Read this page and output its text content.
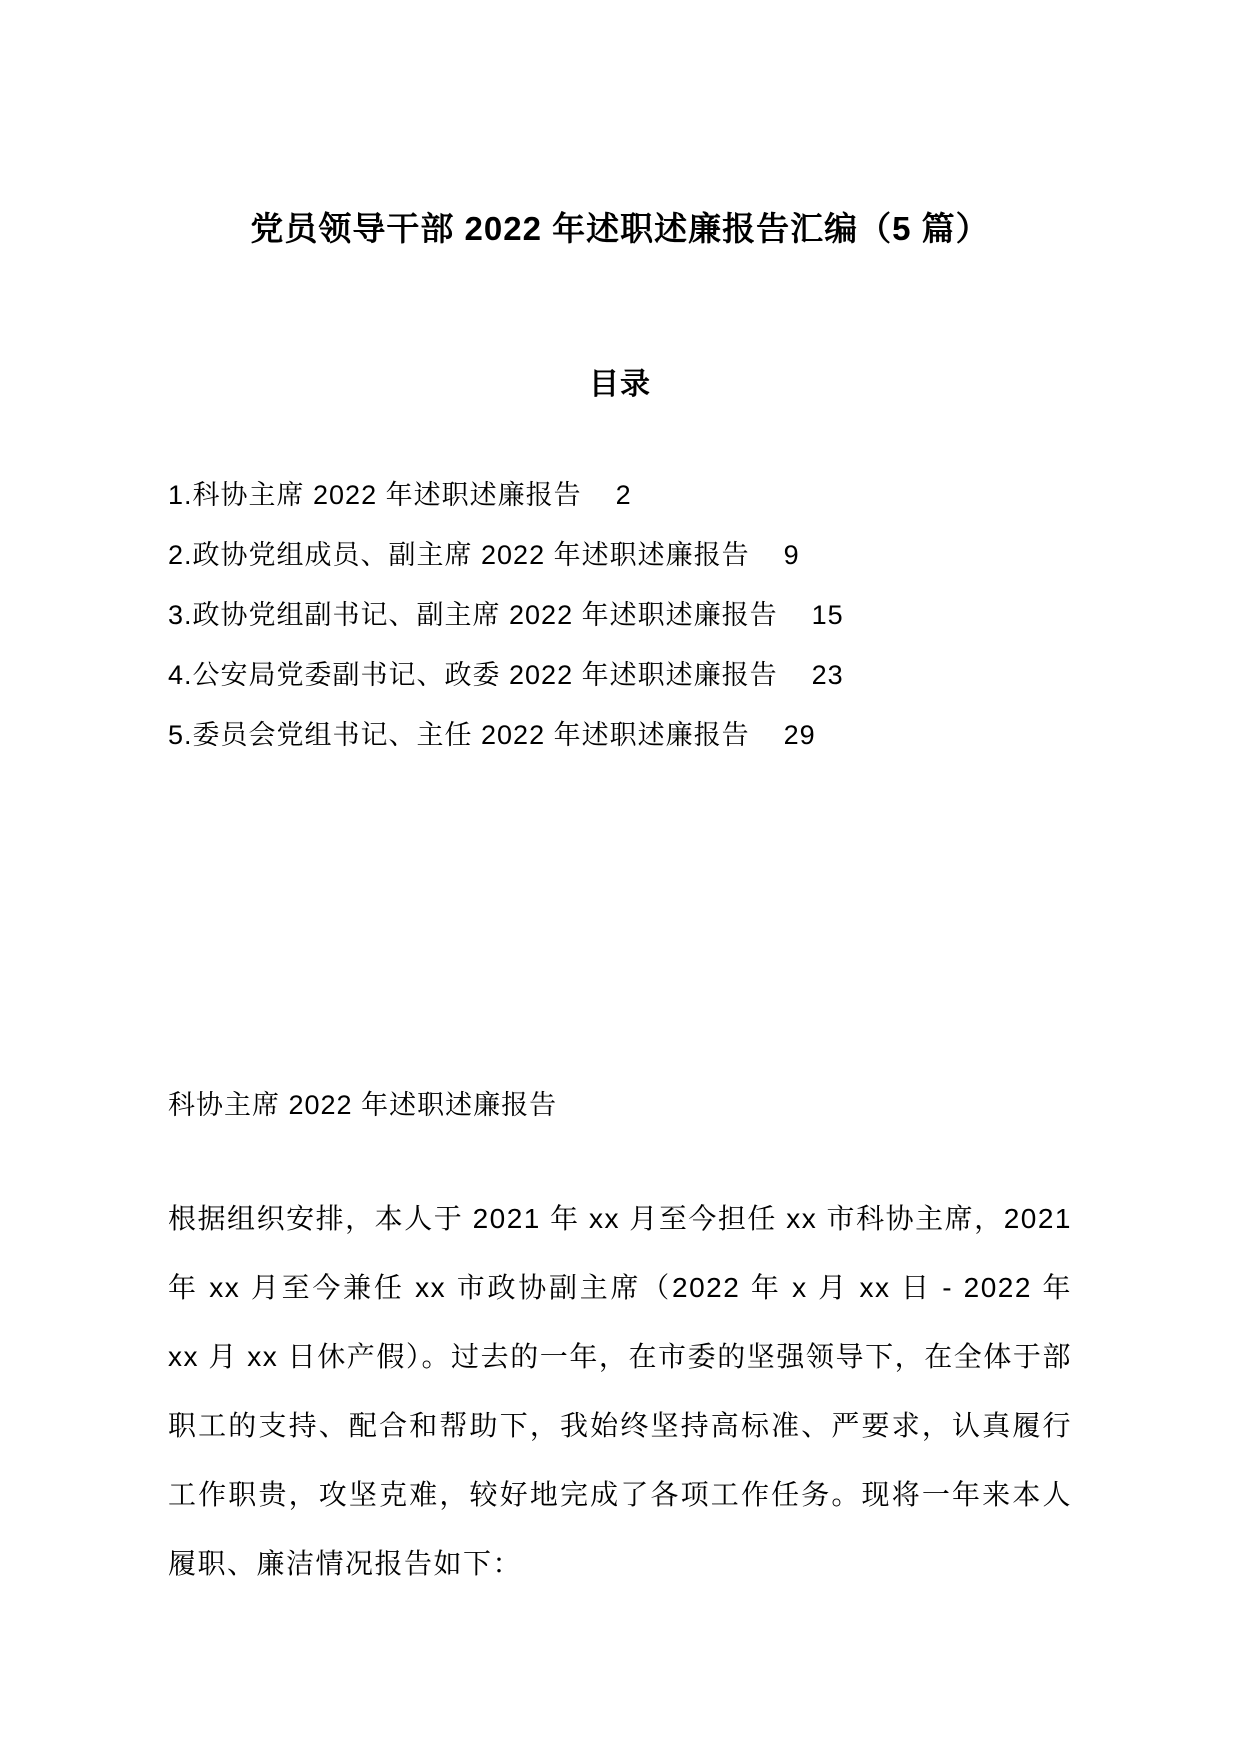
党员领导干部 2022 年述职述廉报告汇编（5 篇）
目录
1.科协主席 2022 年述职述廉报告 2
2.政协党组成员、副主席 2022 年述职述廉报告 9
3.政协党组副书记、副主席 2022 年述职述廉报告 15
4.公安局党委副书记、政委 2022 年述职述廉报告 23
5.委员会党组书记、主任 2022 年述职述廉报告 29
科协主席 2022 年述职述廉报告

根据组织安排，本人于 2021 年 xx 月至今担任 xx 市科协主席，2021 年 xx 月至今兼任 xx 市政协副主席（2022 年 x 月 xx 日 - 2022 年 xx 月 xx 日休产假）。过去的一年，在市委的坚强领导下，在全体于部职工的支持、配合和帮助下，我始终坚持高标准、严要求，认真履行工作职贵，攻坚克难，较好地完成了各项工作任务。现将一年来本人履职、廉洁情况报告如下：
